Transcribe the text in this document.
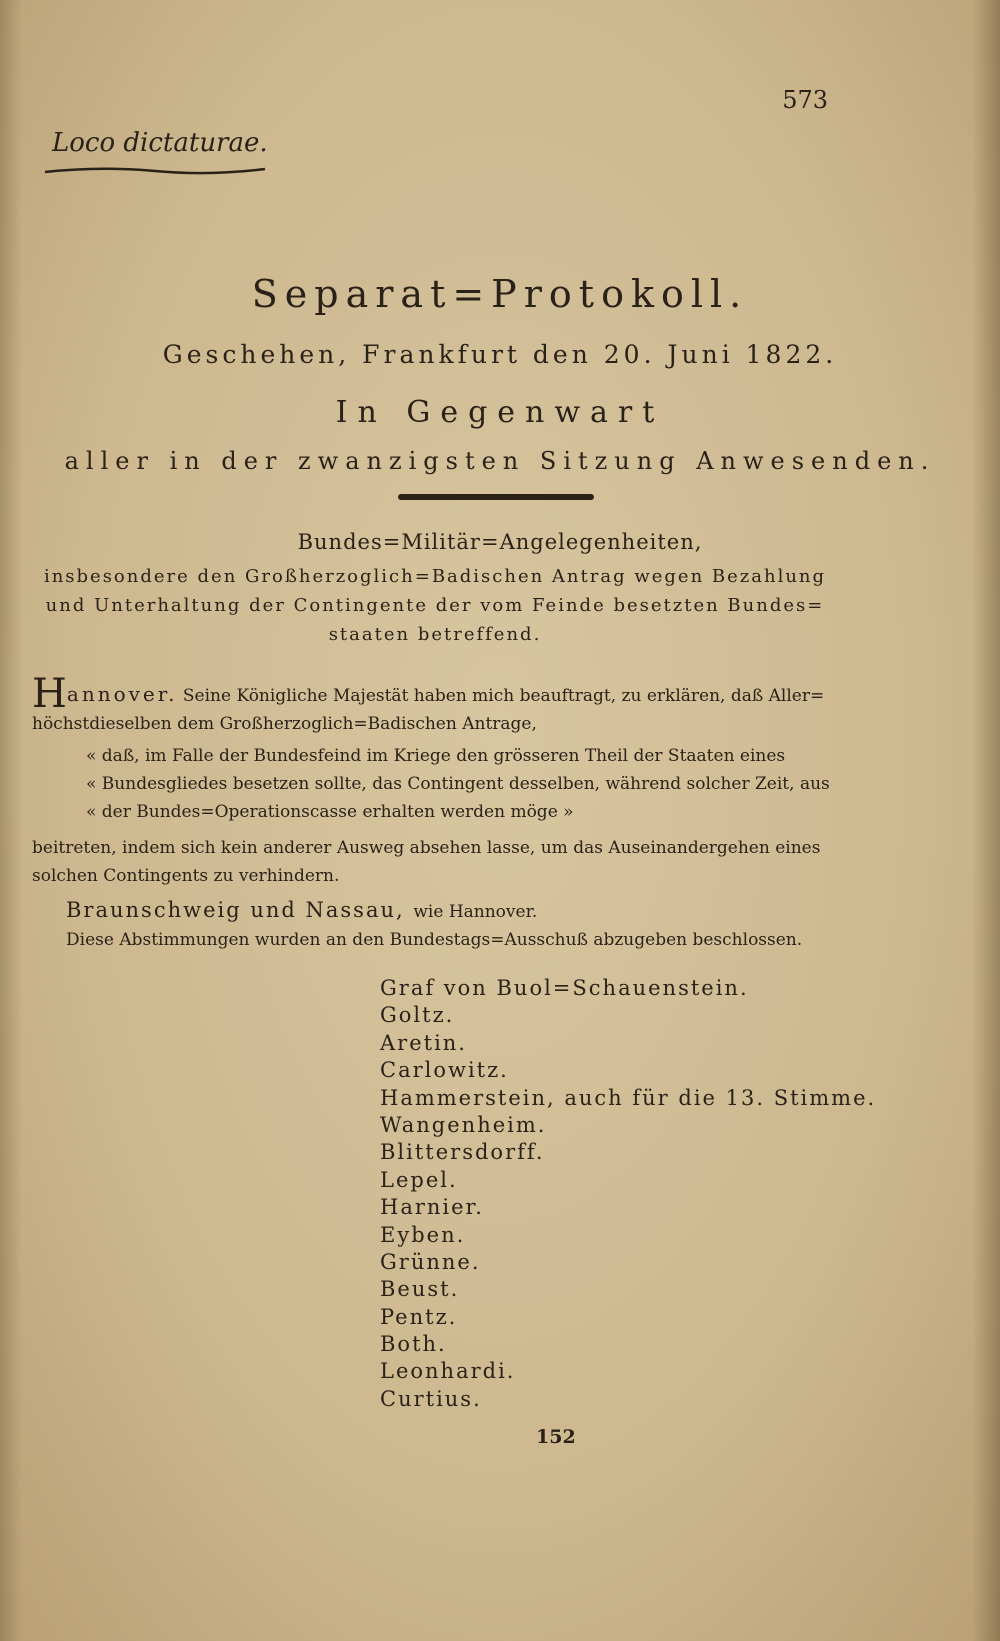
573
Loco dictaturae.
Separat=Protokoll.
Geschehen, Frankfurt den 20. Juni 1822.
In Gegenwart
aller in der zwanzigsten Sitzung Anwesenden.
Bundes=Militär=Angelegenheiten,
insbesondere den Großherzoglich=Badischen Antrag wegen Bezahlung
und Unterhaltung der Contingente der vom Feinde besetzten Bundes=
staaten betreffend.
Hannover. Seine Königliche Majestät haben mich beauftragt, zu erklären, daß Aller=
höchstdieselben dem Großherzoglich=Badischen Antrage,
« daß, im Falle der Bundesfeind im Kriege den grösseren Theil der Staaten eines
« Bundesgliedes besetzen sollte, das Contingent desselben, während solcher Zeit, aus
« der Bundes=Operationscasse erhalten werden möge »
beitreten, indem sich kein anderer Ausweg absehen lasse, um das Auseinandergehen eines
solchen Contingents zu verhindern.
Braunschweig und Nassau, wie Hannover.
Diese Abstimmungen wurden an den Bundestags=Ausschuß abzugeben beschlossen.
Graf von Buol=Schauenstein.
Goltz.
Aretin.
Carlowitz.
Hammerstein, auch für die 13. Stimme.
Wangenheim.
Blittersdorff.
Lepel.
Harnier.
Eyben.
Grünne.
Beust.
Pentz.
Both.
Leonhardi.
Curtius.
152
